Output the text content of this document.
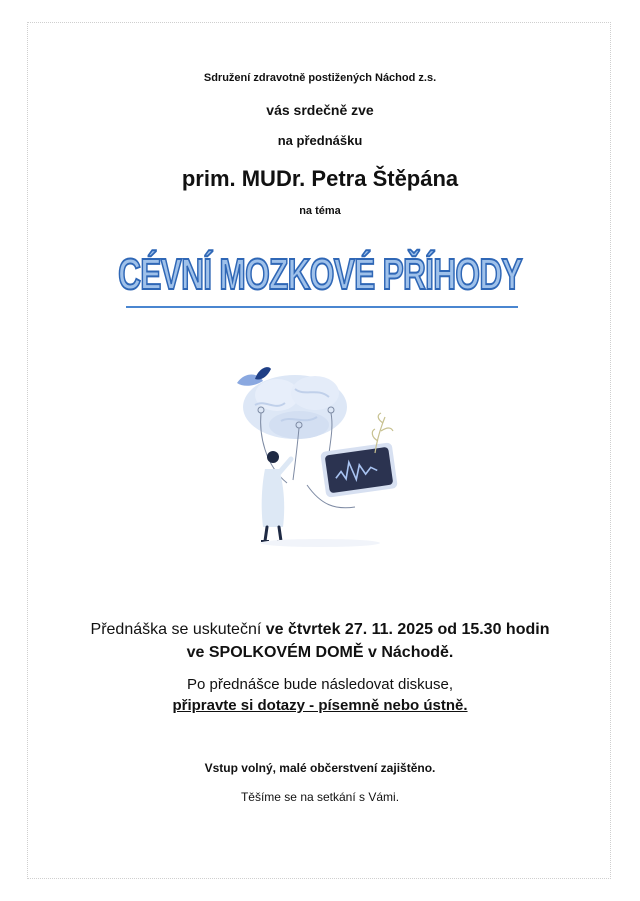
Sdružení zdravotně postižených Náchod z.s.
vás srdečně zve
na přednášku
prim. MUDr. Petra Štěpána
na téma
CÉVNÍ MOZKOVÉ PŘÍHODY
Přednáška se uskuteční ve čtvrtek 27. 11. 2025 od 15.30 hodin
ve SPOLKOVÉM DOMĚ v Náchodě.
Po přednášce bude následovat diskuse,
připravte si dotazy - písemně nebo ústně.
Vstup volný, malé občerstvení zajištěno.
Těšíme se na setkání s Vámi.
